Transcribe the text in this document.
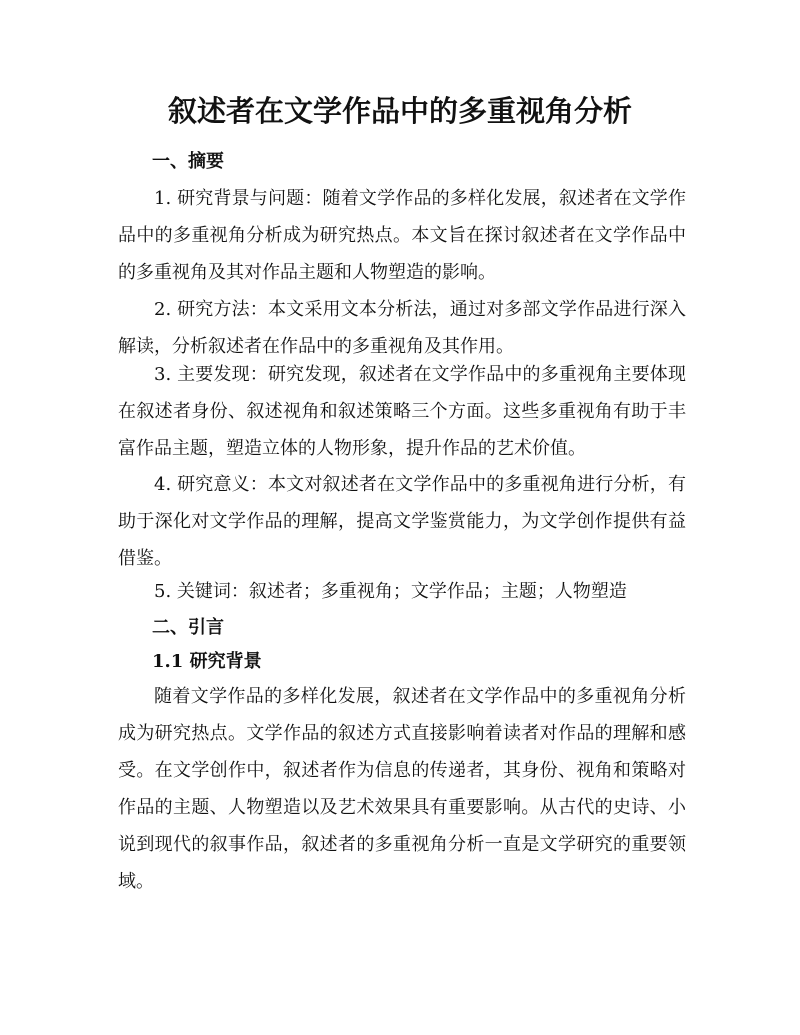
叙述者在文学作品中的多重视角分析
一、摘要

1. 研究背景与问题：随着文学作品的多样化发展，叙述者在文学作品中的多重视角分析成为研究热点。本文旨在探讨叙述者在文学作品中的多重视角及其对作品主题和人物塑造的影响。

2. 研究方法：本文采用文本分析法，通过对多部文学作品进行深入解读，分析叙述者在作品中的多重视角及其作用。

3. 主要发现：研究发现，叙述者在文学作品中的多重视角主要体现在叙述者身份、叙述视角和叙述策略三个方面。这些多重视角有助于丰富作品主题，塑造立体的人物形象，提升作品的艺术价值。

4. 研究意义：本文对叙述者在文学作品中的多重视角进行分析，有助于深化对文学作品的理解，提高文学鉴赏能力，为文学创作提供有益借鉴。

5. 关键词：叙述者；多重视角；文学作品；主题；人物塑造

二、引言
1.1 研究背景

随着文学作品的多样化发展，叙述者在文学作品中的多重视角分析成为研究热点。文学作品的叙述方式直接影响着读者对作品的理解和感受。在文学创作中，叙述者作为信息的传递者，其身份、视角和策略对作品的主题、人物塑造以及艺术效果具有重要影响。从古代的史诗、小说到现代的叙事作品，叙述者的多重视角分析一直是文学研究的重要领域。
